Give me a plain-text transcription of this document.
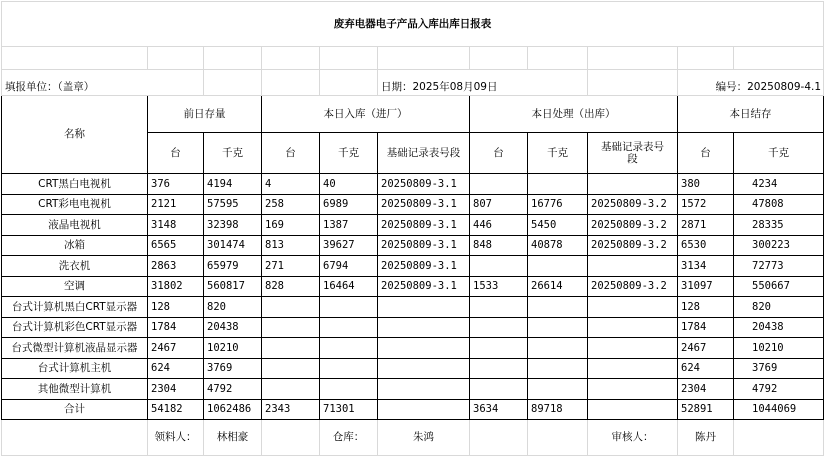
废弃电器电子产品入库出库日报表										

填报单位：（盖章）					日期：2025年08月09日				编号：20250809-4.1	
名称	前日存量		本日入库（进厂）			本日处理（出库）			本日结存	
	台	千克	台	千克	基础记录表号段	台	千克	基础记录表号段	台	千克
CRT黑白电视机	376	4194	4	40	20250809-3.1				380	4234
CRT彩电电视机	2121	57595	258	6989	20250809-3.1	807	16776	20250809-3.2	1572	47808
液晶电视机	3148	32398	169	1387	20250809-3.1	446	5450	20250809-3.2	2871	28335
冰箱	6565	301474	813	39627	20250809-3.1	848	40878	20250809-3.2	6530	300223
洗衣机	2863	65979	271	6794	20250809-3.1				3134	72773
空调	31802	560817	828	16464	20250809-3.1	1533	26614	20250809-3.2	31097	550667
台式计算机黑白CRT显示器	128	820							128	820
台式计算机彩色CRT显示器	1784	20438							1784	20438
台式微型计算机液晶显示器	2467	10210							2467	10210
台式计算机主机	624	3769							624	3769
其他微型计算机	2304	4792							2304	4792
合计	54182	1062486	2343	71301		3634	89718		52891	1044069
	领料人：	林相豪		仓库：	朱鸿			审核人：	陈丹	
